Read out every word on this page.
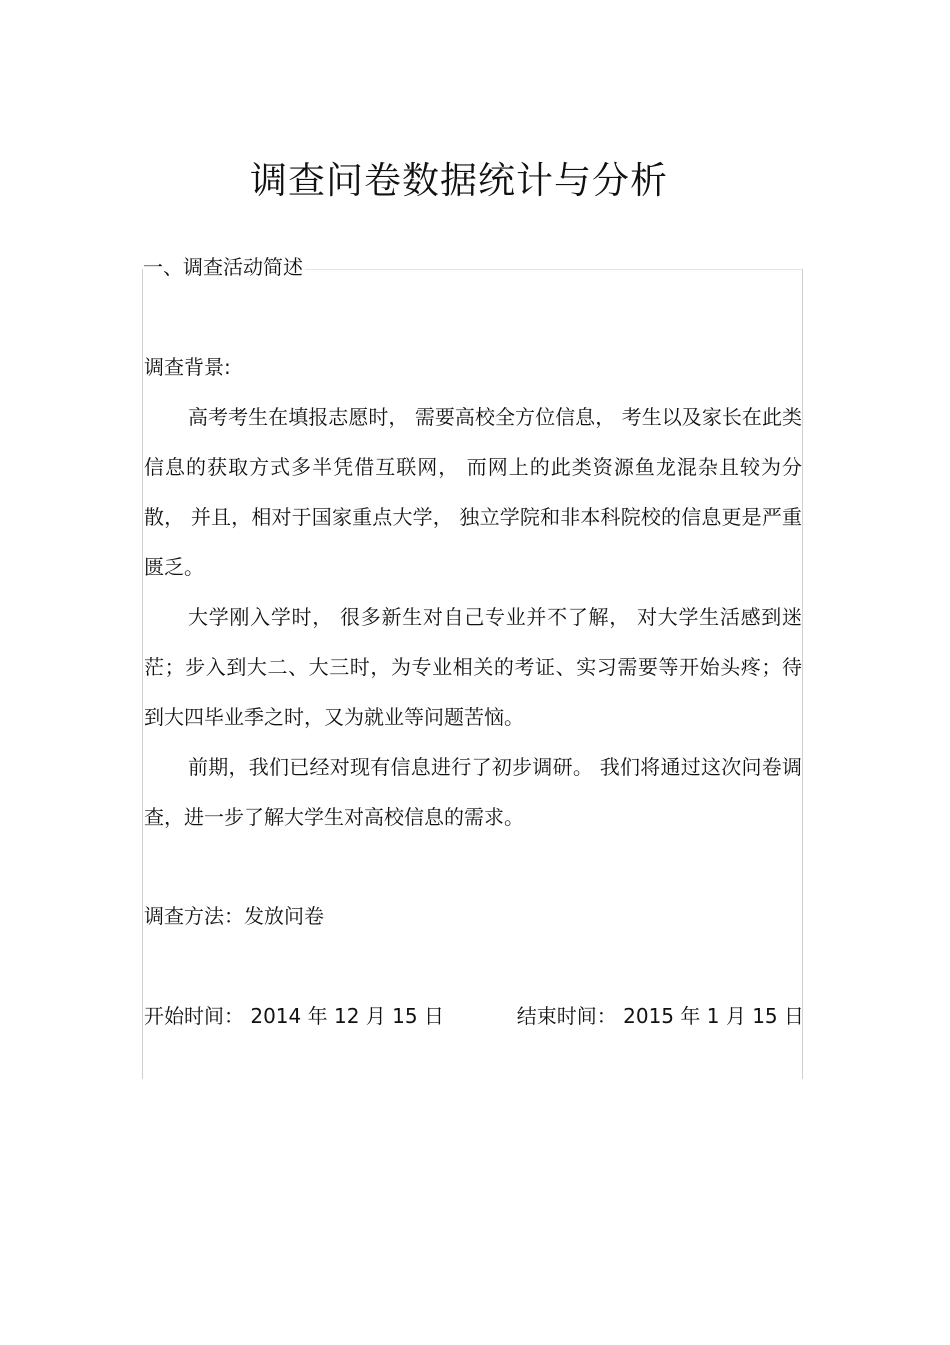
调查问卷数据统计与分析
一、调查活动简述

调查背景:

高考考生在填报志愿时， 需要高校全方位信息， 考生以及家长在此类信息的获取方式多半凭借互联网， 而网上的此类资源鱼龙混杂且较为分散， 并且，相对于国家重点大学， 独立学院和非本科院校的信息更是严重匮乏。

大学刚入学时， 很多新生对自己专业并不了解， 对大学生活感到迷茫；步入到大二、大三时，为专业相关的考证、实习需要等开始头疼；待到大四毕业季之时，又为就业等问题苦恼。

前期，我们已经对现有信息进行了初步调研。 我们将通过这次问卷调查，进一步了解大学生对高校信息的需求。

调查方法：发放问卷

开始时间： 2014 年 12 月 15 日	结束时间： 2015 年 1 月 15 日
